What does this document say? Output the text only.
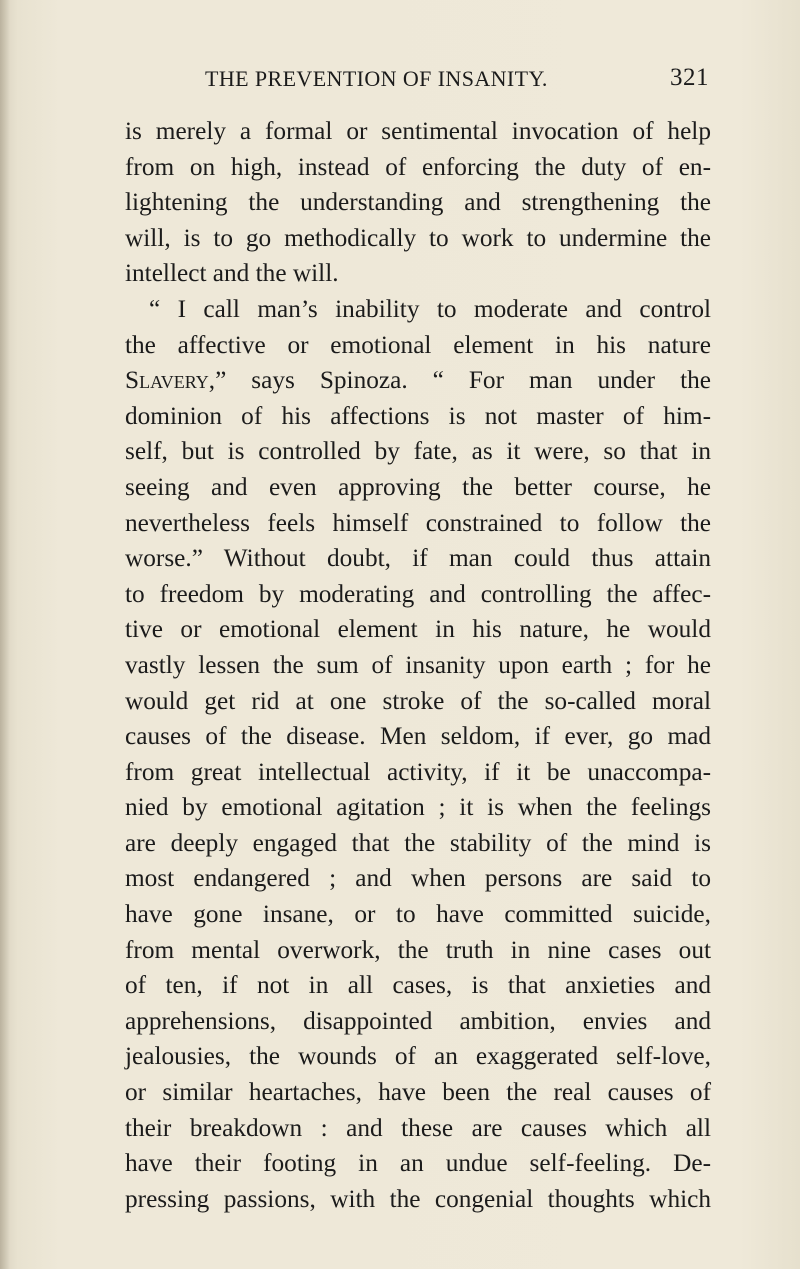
THE PREVENTION OF INSANITY.	321
is merely a formal or sentimental invocation of help
from on high, instead of enforcing the duty of en-
lightening the understanding and strengthening the
will, is to go methodically to work to undermine the
intellect and the will.
“ I call man’s inability to moderate and control
the affective or emotional element in his nature
Slavery,” says Spinoza. “ For man under the
dominion of his affections is not master of him-
self, but is controlled by fate, as it were, so that in
seeing and even approving the better course, he
nevertheless feels himself constrained to follow the
worse.” Without doubt, if man could thus attain
to freedom by moderating and controlling the affec-
tive or emotional element in his nature, he would
vastly lessen the sum of insanity upon earth ; for he
would get rid at one stroke of the so-called moral
causes of the disease. Men seldom, if ever, go mad
from great intellectual activity, if it be unaccompa-
nied by emotional agitation ; it is when the feelings
are deeply engaged that the stability of the mind is
most endangered ; and when persons are said to
have gone insane, or to have committed suicide,
from mental overwork, the truth in nine cases out
of ten, if not in all cases, is that anxieties and
apprehensions, disappointed ambition, envies and
jealousies, the wounds of an exaggerated self-love,
or similar heartaches, have been the real causes of
their breakdown : and these are causes which all
have their footing in an undue self-feeling. De-
pressing passions, with the congenial thoughts which
